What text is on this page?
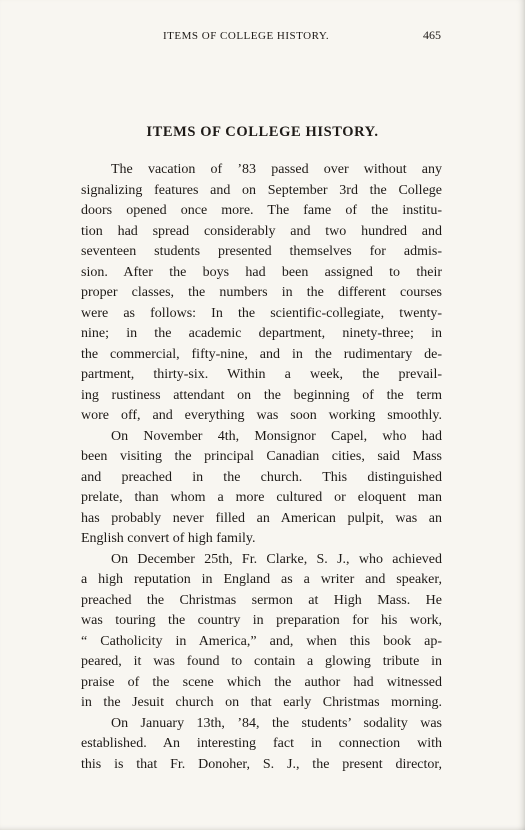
ITEMS OF COLLEGE HISTORY.	465
ITEMS OF COLLEGE HISTORY.
The vacation of ’83 passed over without any
signalizing features and on September 3rd the College
doors opened once more. The fame of the institu-
tion had spread considerably and two hundred and
seventeen students presented themselves for admis-
sion. After the boys had been assigned to their
proper classes, the numbers in the different courses
were as follows: In the scientific-collegiate, twenty-
nine; in the academic department, ninety-three; in
the commercial, fifty-nine, and in the rudimentary de-
partment, thirty-six. Within a week, the prevail-
ing rustiness attendant on the beginning of the term
wore off, and everything was soon working smoothly.
On November 4th, Monsignor Capel, who had
been visiting the principal Canadian cities, said Mass
and preached in the church. This distinguished
prelate, than whom a more cultured or eloquent man
has probably never filled an American pulpit, was an
English convert of high family.
On December 25th, Fr. Clarke, S. J., who achieved
a high reputation in England as a writer and speaker,
preached the Christmas sermon at High Mass. He
was touring the country in preparation for his work,
“ Catholicity in America,” and, when this book ap-
peared, it was found to contain a glowing tribute in
praise of the scene which the author had witnessed
in the Jesuit church on that early Christmas morning.
On January 13th, ’84, the students’ sodality was
established. An interesting fact in connection with
this is that Fr. Donoher, S. J., the present director,
